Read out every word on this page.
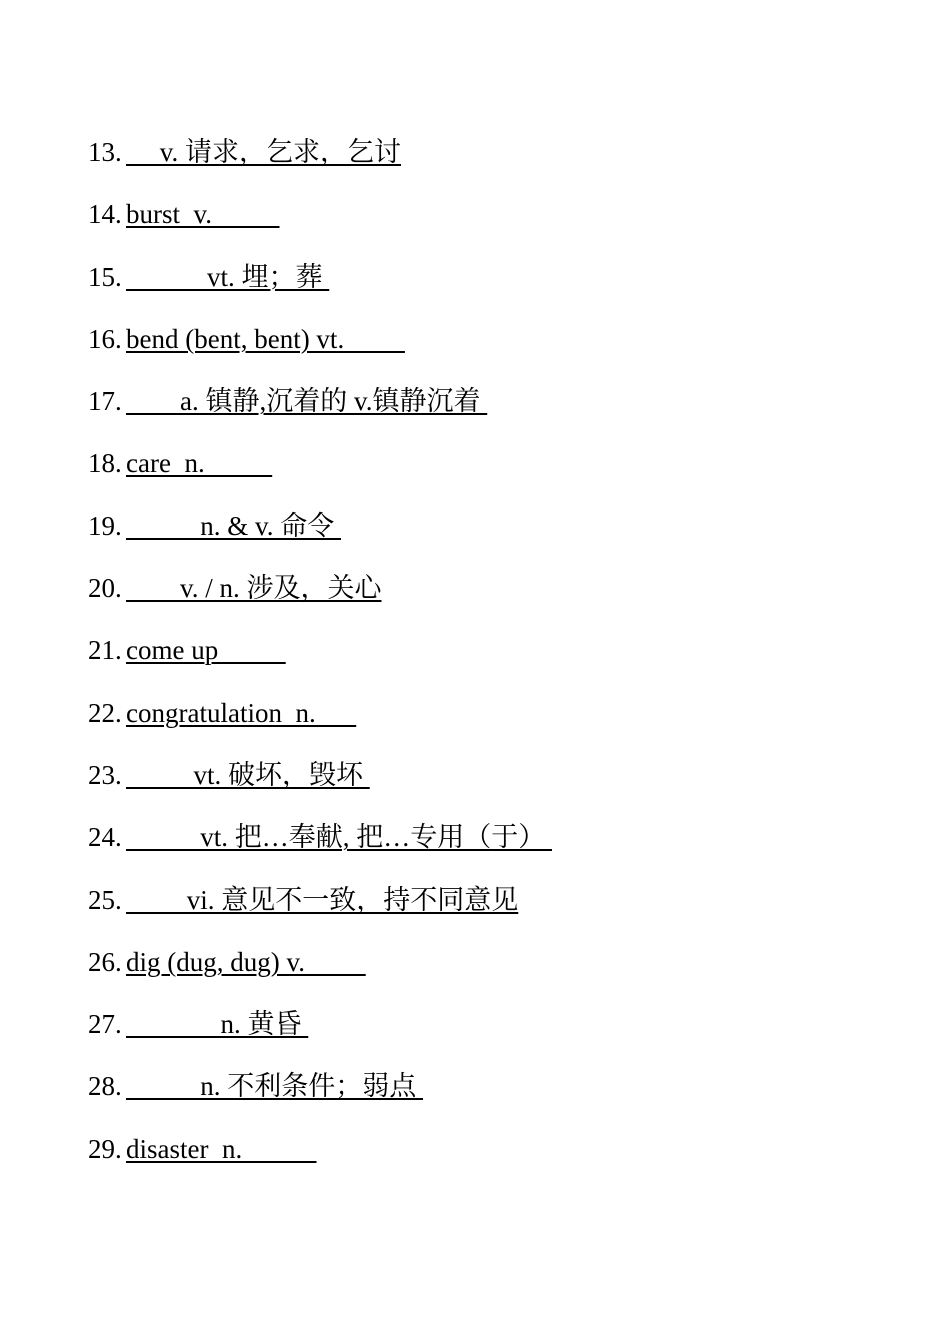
13. v. 请求，乞求，乞讨
14. burst  v.
15. vt. 埋；葬
16. bend (bent, bent) vt.
17. a. 镇静,沉着的 v.镇静沉着
18. care  n.
19. n. & v. 命令
20. v. / n. 涉及，关心
21. come up
22. congratulation  n.
23. vt. 破坏，毁坏
24. vt. 把…奉献, 把…专用（于）
25. vi. 意见不一致，持不同意见
26. dig (dug, dug) v.
27. n. 黄昏
28. n. 不利条件；弱点
29. disaster  n.
